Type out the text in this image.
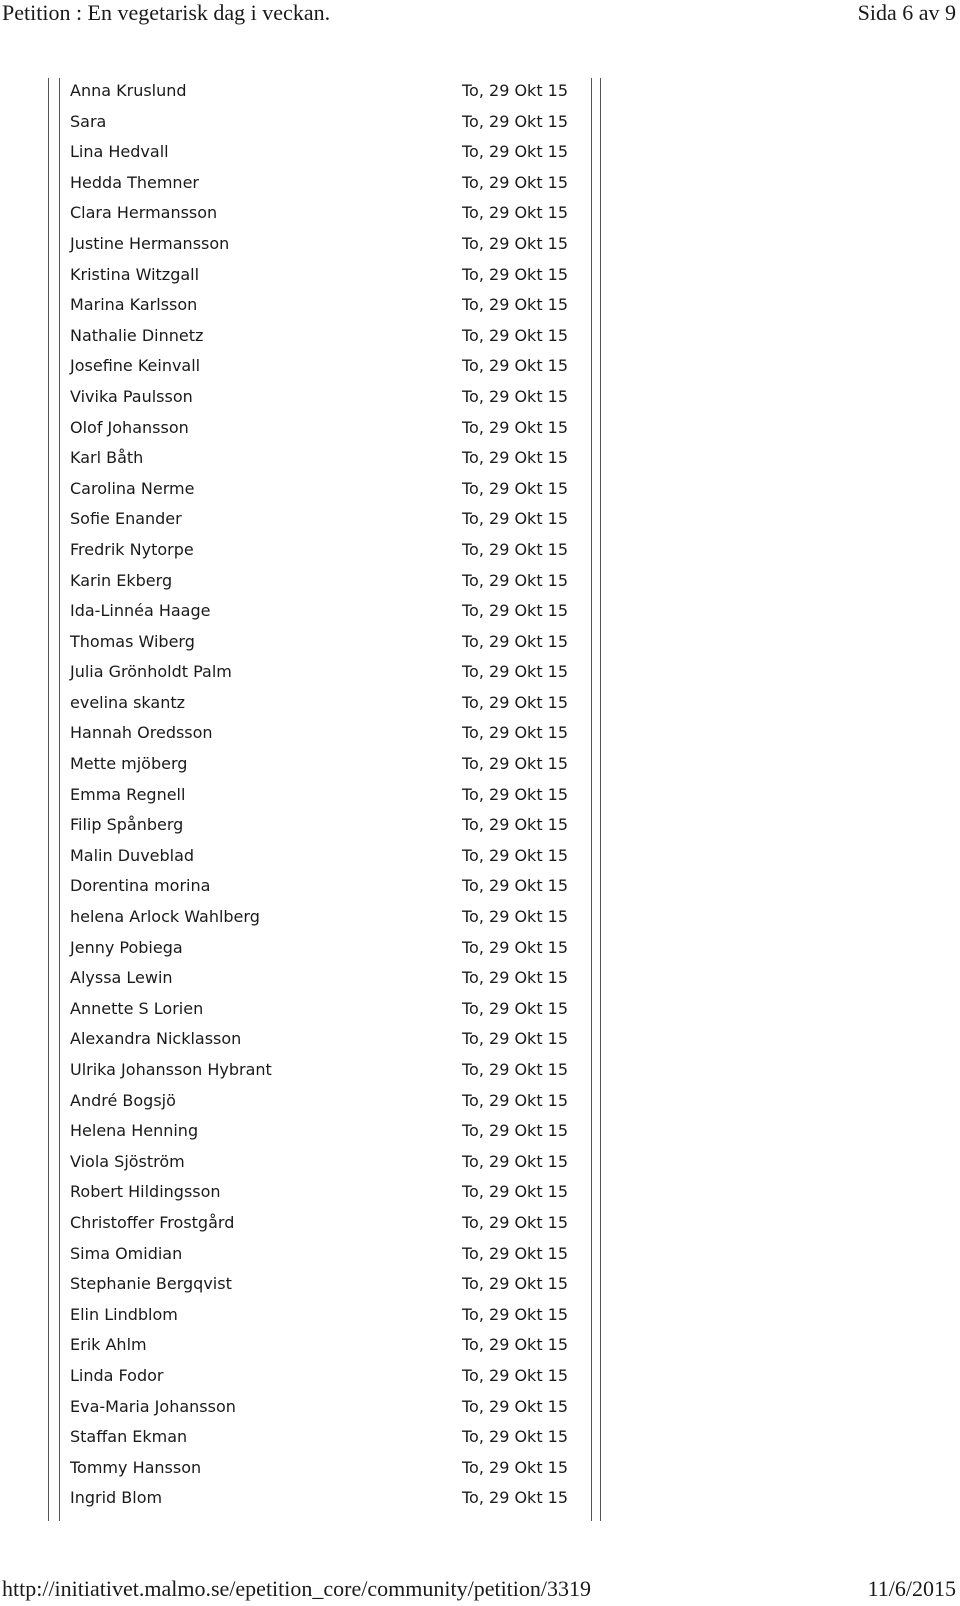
Petition : En vegetarisk dag i veckan.	Sida 6 av 9
Anna Kruslund	To, 29 Okt 15
Sara	To, 29 Okt 15
Lina Hedvall	To, 29 Okt 15
Hedda Themner	To, 29 Okt 15
Clara Hermansson	To, 29 Okt 15
Justine Hermansson	To, 29 Okt 15
Kristina Witzgall	To, 29 Okt 15
Marina Karlsson	To, 29 Okt 15
Nathalie Dinnetz	To, 29 Okt 15
Josefine Keinvall	To, 29 Okt 15
Vivika Paulsson	To, 29 Okt 15
Olof Johansson	To, 29 Okt 15
Karl Båth	To, 29 Okt 15
Carolina Nerme	To, 29 Okt 15
Sofie Enander	To, 29 Okt 15
Fredrik Nytorpe	To, 29 Okt 15
Karin Ekberg	To, 29 Okt 15
Ida-Linnéa Haage	To, 29 Okt 15
Thomas Wiberg	To, 29 Okt 15
Julia Grönholdt Palm	To, 29 Okt 15
evelina skantz	To, 29 Okt 15
Hannah Oredsson	To, 29 Okt 15
Mette mjöberg	To, 29 Okt 15
Emma Regnell	To, 29 Okt 15
Filip Spånberg	To, 29 Okt 15
Malin Duveblad	To, 29 Okt 15
Dorentina morina	To, 29 Okt 15
helena Arlock Wahlberg	To, 29 Okt 15
Jenny Pobiega	To, 29 Okt 15
Alyssa Lewin	To, 29 Okt 15
Annette S Lorien	To, 29 Okt 15
Alexandra Nicklasson	To, 29 Okt 15
Ulrika Johansson Hybrant	To, 29 Okt 15
André Bogsjö	To, 29 Okt 15
Helena Henning	To, 29 Okt 15
Viola Sjöström	To, 29 Okt 15
Robert Hildingsson	To, 29 Okt 15
Christoffer Frostgård	To, 29 Okt 15
Sima Omidian	To, 29 Okt 15
Stephanie Bergqvist	To, 29 Okt 15
Elin Lindblom	To, 29 Okt 15
Erik Ahlm	To, 29 Okt 15
Linda Fodor	To, 29 Okt 15
Eva-Maria Johansson	To, 29 Okt 15
Staffan Ekman	To, 29 Okt 15
Tommy Hansson	To, 29 Okt 15
Ingrid Blom	To, 29 Okt 15
http://initiativet.malmo.se/epetition_core/community/petition/3319	11/6/2015
